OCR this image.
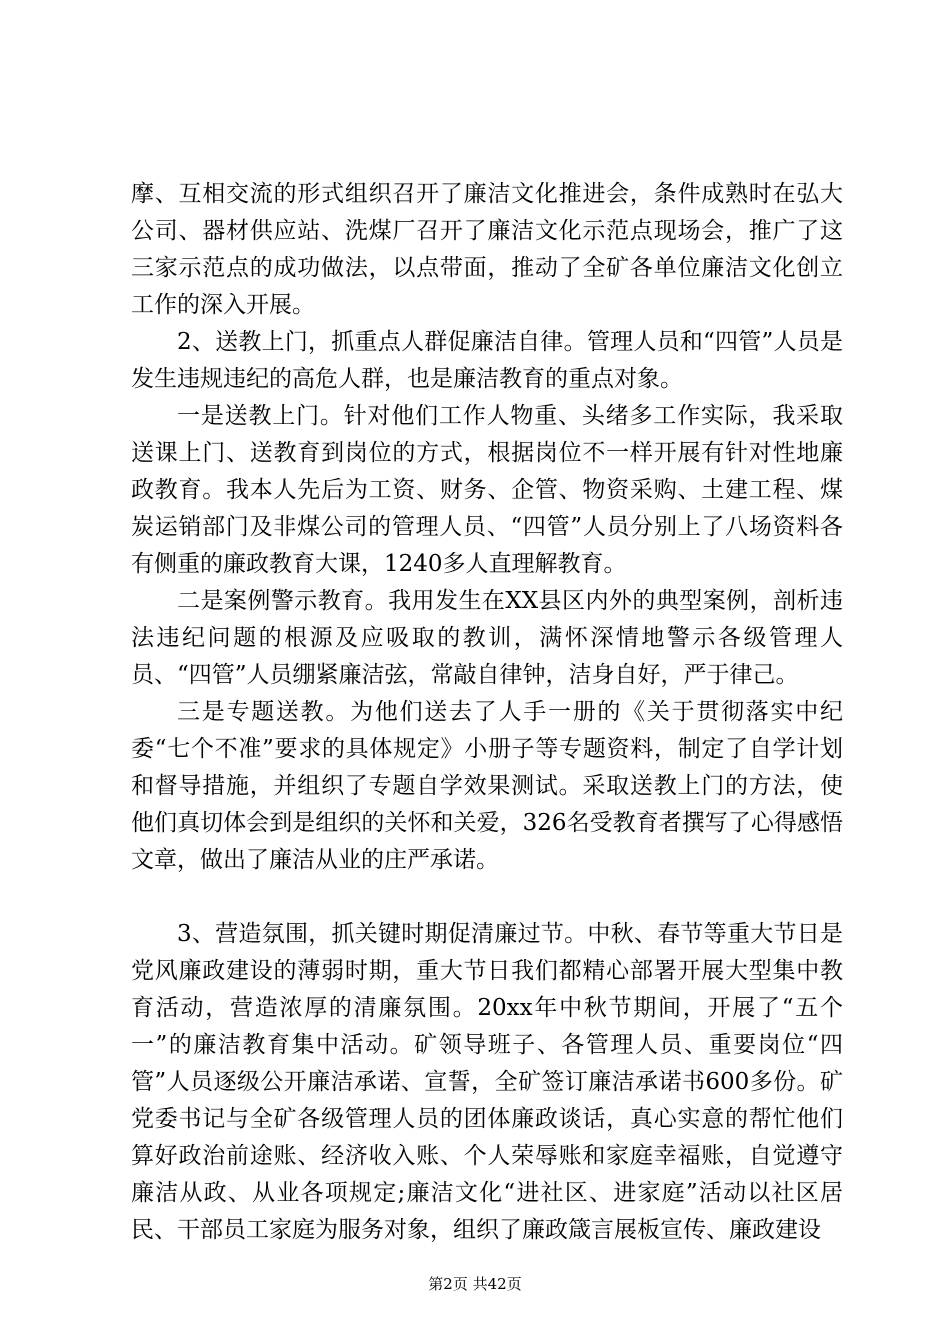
摩、互相交流的形式组织召开了廉洁文化推进会，条件成熟时在弘大公司、器材供应站、洗煤厂召开了廉洁文化示范点现场会，推广了这三家示范点的成功做法，以点带面，推动了全矿各单位廉洁文化创立工作的深入开展。

2、送教上门，抓重点人群促廉洁自律。管理人员和“四管”人员是发生违规违纪的高危人群，也是廉洁教育的重点对象。

一是送教上门。针对他们工作人物重、头绪多工作实际，我采取送课上门、送教育到岗位的方式，根据岗位不一样开展有针对性地廉政教育。我本人先后为工资、财务、企管、物资采购、土建工程、煤炭运销部门及非煤公司的管理人员、“四管”人员分别上了八场资料各有侧重的廉政教育大课，1240多人直理解教育。

二是案例警示教育。我用发生在XX县区内外的典型案例，剖析违法违纪问题的根源及应吸取的教训，满怀深情地警示各级管理人员、“四管”人员绷紧廉洁弦，常敲自律钟，洁身自好，严于律己。

三是专题送教。为他们送去了人手一册的《关于贯彻落实中纪委“七个不准”要求的具体规定》小册子等专题资料，制定了自学计划和督导措施，并组织了专题自学效果测试。采取送教上门的方法，使他们真切体会到是组织的关怀和关爱，326名受教育者撰写了心得感悟文章，做出了廉洁从业的庄严承诺。

3、营造氛围，抓关键时期促清廉过节。中秋、春节等重大节日是党风廉政建设的薄弱时期，重大节日我们都精心部署开展大型集中教育活动，营造浓厚的清廉氛围。20xx年中秋节期间，开展了“五个一”的廉洁教育集中活动。矿领导班子、各管理人员、重要岗位“四管”人员逐级公开廉洁承诺、宣誓，全矿签订廉洁承诺书600多份。矿党委书记与全矿各级管理人员的团体廉政谈话，真心实意的帮忙他们算好政治前途账、经济收入账、个人荣辱账和家庭幸福账，自觉遵守廉洁从政、从业各项规定;廉洁文化“进社区、进家庭”活动以社区居民、干部员工家庭为服务对象，组织了廉政箴言展板宣传、廉政建设

第2页 共42页
